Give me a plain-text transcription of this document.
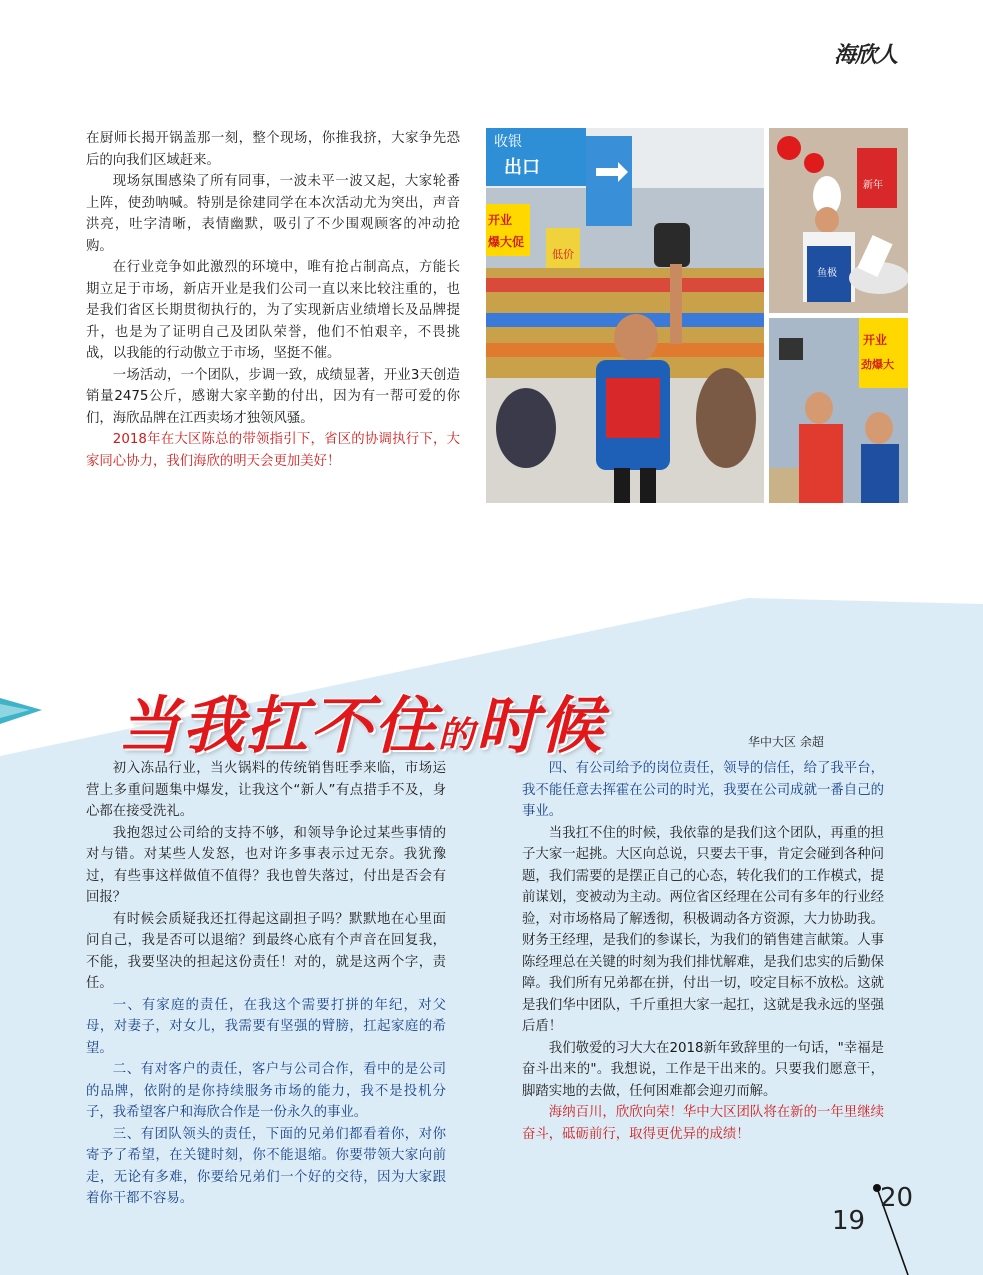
海欣人

在厨师长揭开锅盖那一刻，整个现场，你推我挤，大家争先恐后的向我们区域赶来。

现场氛围感染了所有同事，一波未平一波又起，大家轮番上阵，使劲呐喊。特别是徐建同学在本次活动尤为突出，声音洪亮，吐字清晰，表情幽默，吸引了不少围观顾客的冲动抢购。

在行业竞争如此激烈的环境中，唯有抢占制高点，方能长期立足于市场，新店开业是我们公司一直以来比较注重的，也是我们省区长期贯彻执行的，为了实现新店业绩增长及品牌提升，也是为了证明自己及团队荣誉，他们不怕艰辛，不畏挑战，以我能的行动傲立于市场，坚挺不催。

一场活动，一个团队，步调一致，成绩显著，开业3天创造销量2475公斤，感谢大家辛勤的付出，因为有一帮可爱的你们，海欣品牌在江西卖场才独领风骚。

2018年在大区陈总的带领指引下，省区的协调执行下，大家同心协力，我们海欣的明天会更加美好！

收银
出口
开业
爆大促
低价
新年
鱼极
开业
劲爆大
当我扛不住的时候	华中大区 余超

初入冻品行业，当火锅料的传统销售旺季来临，市场运营上多重问题集中爆发，让我这个“新人”有点措手不及，身心都在接受洗礼。

我抱怨过公司给的支持不够，和领导争论过某些事情的对与错。对某些人发怒，也对许多事表示过无奈。我犹豫过，有些事这样做值不值得？我也曾失落过，付出是否会有回报？

有时候会质疑我还扛得起这副担子吗？默默地在心里面问自己，我是否可以退缩？到最终心底有个声音在回复我，不能，我要坚决的担起这份责任！对的，就是这两个字，责任。

一、有家庭的责任，在我这个需要打拼的年纪，对父母，对妻子，对女儿，我需要有坚强的臂膀，扛起家庭的希望。

二、有对客户的责任，客户与公司合作，看中的是公司的品牌，依附的是你持续服务市场的能力，我不是投机分子，我希望客户和海欣合作是一份永久的事业。

三、有团队领头的责任，下面的兄弟们都看着你，对你寄予了希望，在关键时刻，你不能退缩。你要带领大家向前走，无论有多难，你要给兄弟们一个好的交待，因为大家跟着你干都不容易。

四、有公司给予的岗位责任，领导的信任，给了我平台，我不能任意去挥霍在公司的时光，我要在公司成就一番自己的事业。

当我扛不住的时候，我依靠的是我们这个团队，再重的担子大家一起挑。大区向总说，只要去干事，肯定会碰到各种问题，我们需要的是摆正自己的心态，转化我们的工作模式，提前谋划，变被动为主动。两位省区经理在公司有多年的行业经验，对市场格局了解透彻，积极调动各方资源，大力协助我。财务王经理，是我们的参谋长，为我们的销售建言献策。人事陈经理总在关键的时刻为我们排忧解难，是我们忠实的后勤保障。我们所有兄弟都在拼，付出一切，咬定目标不放松。这就是我们华中团队，千斤重担大家一起扛，这就是我永远的坚强后盾！

我们敬爱的习大大在2018新年致辞里的一句话，"幸福是奋斗出来的"。我想说，工作是干出来的。只要我们愿意干，脚踏实地的去做，任何困难都会迎刃而解。

海纳百川，欣欣向荣！华中大区团队将在新的一年里继续奋斗，砥砺前行，取得更优异的成绩！

19
20
